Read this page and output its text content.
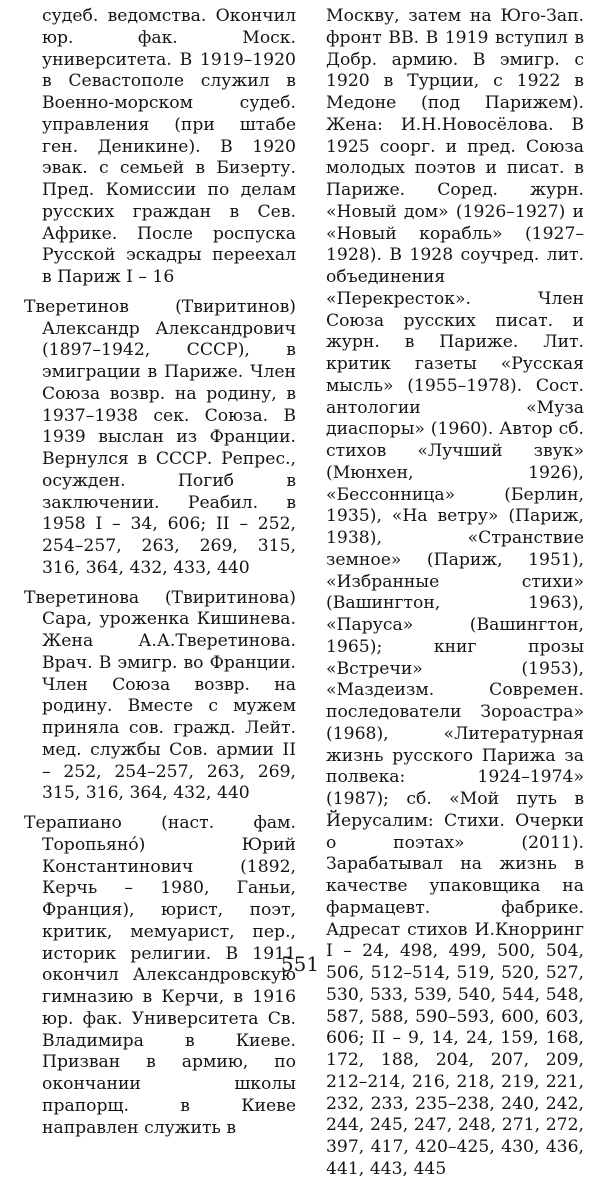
судеб. ведомства. Окончил юр. фак. Моск. университета. В 1919–1920 в Севастополе служил в Военно-морском судеб. управления (при штабе ген. Деникине). В 1920 эвак. с семьей в Бизерту. Пред. Комиссии по делам русских граждан в Сев. Африке. После роспуска Русской эскадры переехал в Париж I – 16

Тверетинов (Твиритинов) Александр Александрович (1897–1942, СССР), в эмиграции в Париже. Член Союза возвр. на родину, в 1937–1938 сек. Союза. В 1939 выслан из Франции. Вернулся в СССР. Репрес., осужден. Погиб в заключении. Реабил. в 1958 I – 34, 606; II – 252, 254–257, 263, 269, 315, 316, 364, 432, 433, 440

Тверетинова (Твиритинова) Сара, уроженка Кишинева. Жена А.А.Тверетинова. Врач. В эмигр. во Франции. Член Союза возвр. на родину. Вместе с мужем приняла сов. гражд. Лейт. мед. службы Сов. армии II – 252, 254–257, 263, 269, 315, 316, 364, 432, 440

Терапиано (наст. фам. Торопьянó) Юрий Константинович (1892, Керчь – 1980, Ганьи, Франция), юрист, поэт, критик, мемуарист, пер., историк религии. В 1911 окончил Александровскую гимназию в Керчи, в 1916 юр. фак. Университета Св. Владимира в Киеве. Призван в армию, по окончании школы прапорщ. в Киеве направлен служить в

Москву, затем на Юго-Зап. фронт ВВ. В 1919 вступил в Добр. армию. В эмигр. с 1920 в Турции, с 1922 в Медоне (под Парижем). Жена: И.Н.Новосёлова. В 1925 соорг. и пред. Союза молодых поэтов и писат. в Париже. Соред. журн. «Новый дом» (1926–1927) и «Новый корабль» (1927–1928). В 1928 соучред. лит. объединения «Перекресток». Член Союза русских писат. и журн. в Париже. Лит. критик газеты «Русская мысль» (1955–1978). Сост. антологии «Муза диаспоры» (1960). Автор сб. стихов «Лучший звук» (Мюнхен, 1926), «Бессонница» (Берлин, 1935), «На ветру» (Париж, 1938), «Странствие земное» (Париж, 1951), «Избранные стихи» (Вашингтон, 1963), «Паруса» (Вашингтон, 1965); книг прозы «Встречи» (1953), «Маздеизм. Современ. последователи Зороастра» (1968), «Литературная жизнь русского Парижа за полвека: 1924–1974» (1987); сб. «Мой путь в Йерусалим: Стихи. Очерки о поэтах» (2011). Зарабатывал на жизнь в качестве упаковщика на фармацевт. фабрике. Адресат стихов И.Кнорринг I – 24, 498, 499, 500, 504, 506, 512–514, 519, 520, 527, 530, 533, 539, 540, 544, 548, 587, 588, 590–593, 600, 603, 606; II – 9, 14, 24, 159, 168, 172, 188, 204, 207, 209, 212–214, 216, 218, 219, 221, 232, 233, 235–238, 240, 242, 244, 245, 247, 248, 271, 272, 397, 417, 420–425, 430, 436, 441, 443, 445

551
